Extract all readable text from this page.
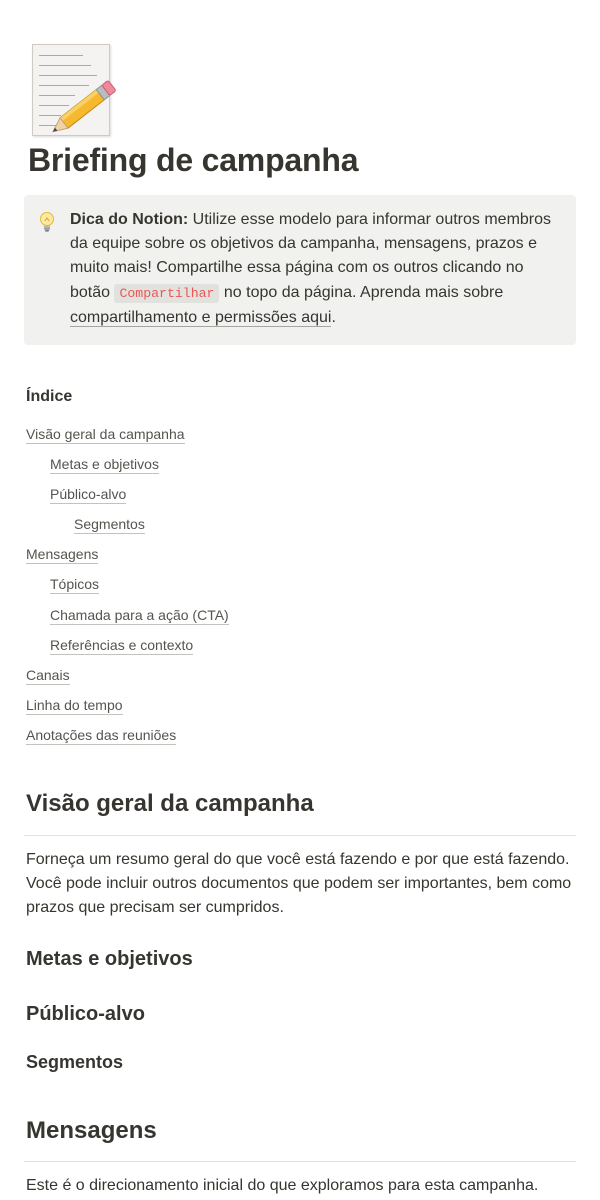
Briefing de campanha
Dica do Notion: Utilize esse modelo para informar outros membros da equipe sobre os objetivos da campanha, mensagens, prazos e muito mais! Compartilhe essa página com os outros clicando no botão Compartilhar no topo da página. Aprenda mais sobre compartilhamento e permissões aqui.
Índice
Visão geral da campanha
Metas e objetivos
Público-alvo
Segmentos
Mensagens
Tópicos
Chamada para a ação (CTA)
Referências e contexto
Canais
Linha do tempo
Anotações das reuniões
Visão geral da campanha

Forneça um resumo geral do que você está fazendo e por que está fazendo. Você pode incluir outros documentos que podem ser importantes, bem como prazos que precisam ser cumpridos.

Metas e objetivos
Público-alvo
Segmentos
Mensagens

Este é o direcionamento inicial do que exploramos para esta campanha.
